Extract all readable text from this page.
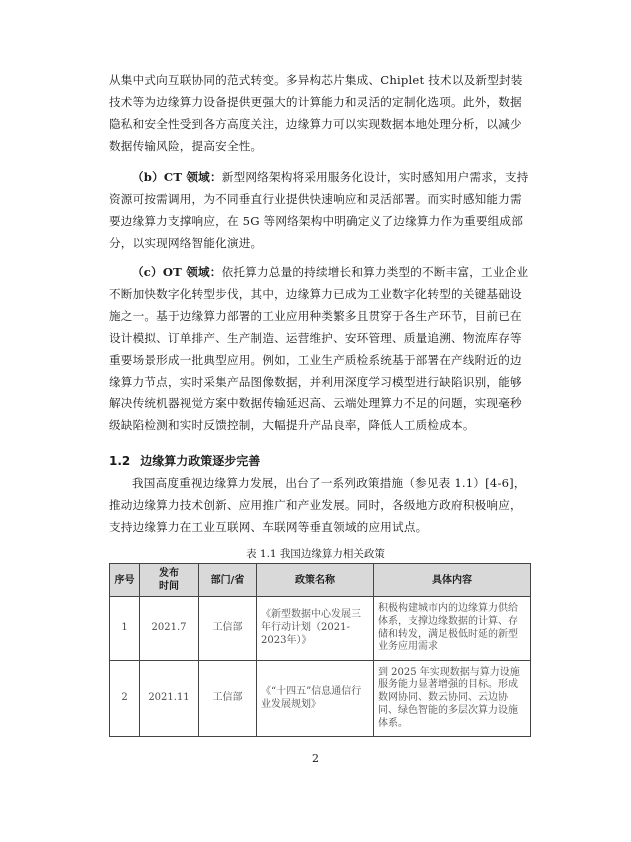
从集中式向互联协同的范式转变。多异构芯片集成、Chiplet 技术以及新型封装
技术等为边缘算力设备提供更强大的计算能力和灵活的定制化选项。此外，数据
隐私和安全性受到各方高度关注，边缘算力可以实现数据本地处理分析，以减少
数据传输风险，提高安全性。

（b）CT 领域：新型网络架构将采用服务化设计，实时感知用户需求，支持
资源可按需调用，为不同垂直行业提供快速响应和灵活部署。而实时感知能力需
要边缘算力支撑响应，在 5G 等网络架构中明确定义了边缘算力作为重要组成部
分，以实现网络智能化演进。

（c）OT 领域：依托算力总量的持续增长和算力类型的不断丰富，工业企业
不断加快数字化转型步伐，其中，边缘算力已成为工业数字化转型的关键基础设
施之一。基于边缘算力部署的工业应用种类繁多且贯穿于各生产环节，目前已在
设计模拟、订单排产、生产制造、运营维护、安环管理、质量追溯、物流库存等
重要场景形成一批典型应用。例如，工业生产质检系统基于部署在产线附近的边
缘算力节点，实时采集产品图像数据，并利用深度学习模型进行缺陷识别，能够
解决传统机器视觉方案中数据传输延迟高、云端处理算力不足的问题，实现毫秒
级缺陷检测和实时反馈控制，大幅提升产品良率，降低人工质检成本。

1.2 边缘算力政策逐步完善

我国高度重视边缘算力发展，出台了一系列政策措施（参见表 1.1）[4-6]，
推动边缘算力技术创新、应用推广和产业发展。同时，各级地方政府积极响应，
支持边缘算力在工业互联网、车联网等垂直领域的应用试点。

表 1.1 我国边缘算力相关政策
序号	发布
时间	部门/省	政策名称	具体内容
1	2021.7	工信部	《新型数据中心发展三年行动计划（2021-2023年）》	积极构建城市内的边缘算力供给体系，支撑边缘数据的计算、存储和转发，满足极低时延的新型业务应用需求
2	2021.11	工信部	《“十四五”信息通信行业发展规划》	到 2025 年实现数据与算力设施服务能力显著增强的目标。形成数网协同、数云协同、云边协同、绿色智能的多层次算力设施体系。
2
